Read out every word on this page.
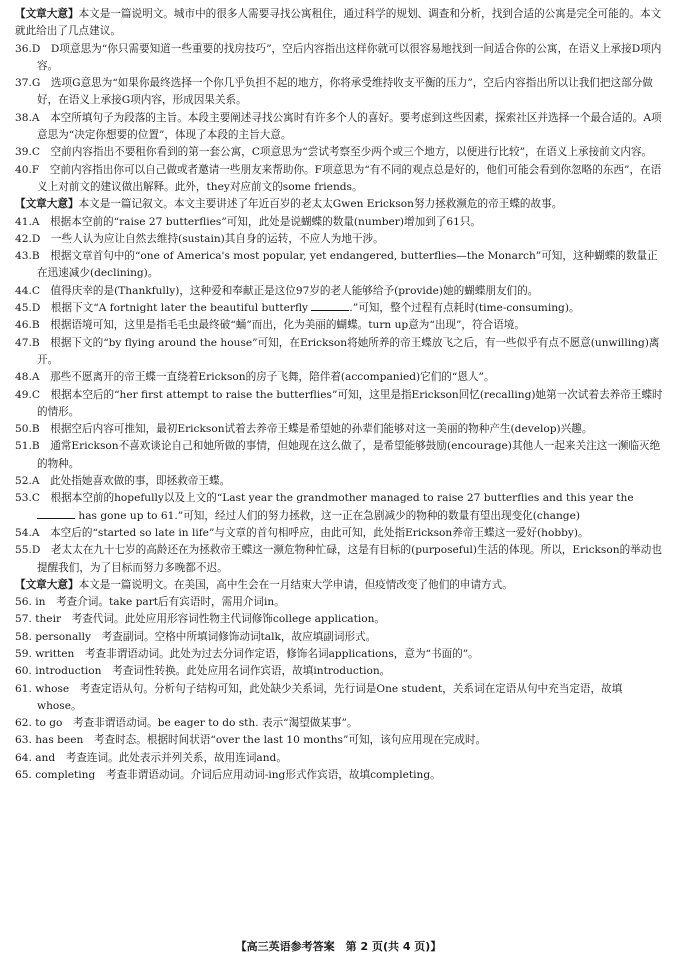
【文章大意】本文是一篇说明文。城市中的很多人需要寻找公寓租住，通过科学的规划、调查和分析，找到合适的公寓是完全可能的。本文就此给出了几点建议。

36.D　D项意思为“你只需要知道一些重要的找房技巧”，空后内容指出这样你就可以很容易地找到一间适合你的公寓，在语义上承接D项内容。

37.G　选项G意思为“如果你最终选择一个你几乎负担不起的地方，你将承受维持收支平衡的压力”，空后内容指出所以让我们把这部分做好，在语义上承接G项内容，形成因果关系。

38.A　本空所填句子为段落的主旨。本段主要阐述寻找公寓时有许多个人的喜好。要考虑到这些因素，探索社区并选择一个最合适的。A项意思为“决定你想要的位置”，体现了本段的主旨大意。

39.C　空前内容指出不要租你看到的第一套公寓，C项意思为“尝试考察至少两个或三个地方，以便进行比较”，在语义上承接前文内容。

40.F　空前内容指出你可以自己做或者邀请一些朋友来帮助你。F项意思为“有不同的观点总是好的，他们可能会看到你忽略的东西”，在语义上对前文的建议做出解释。此外，they对应前文的some friends。

【文章大意】本文是一篇记叙文。本文主要讲述了年近百岁的老太太Gwen Erickson努力拯救濒危的帝王蝶的故事。

41.A　根据本空前的“raise 27 butterflies”可知，此处是说蝴蝶的数量(number)增加到了61只。

42.D　一些人认为应让自然去维持(sustain)其自身的运转，不应人为地干涉。

43.B　根据文章首句中的“one of America's most popular, yet endangered, butterflies—the Monarch”可知，这种蝴蝶的数量正在迅速减少(declining)。

44.C　值得庆幸的是(Thankfully)，这种爱和奉献正是这位97岁的老人能够给予(provide)她的蝴蝶朋友们的。

45.D　根据下文“A fortnight later the beautiful butterfly	.”可知，整个过程有点耗时(time-consuming)。

46.B　根据语境可知，这里是指毛毛虫最终破“蛹”而出，化为美丽的蝴蝶。turn up意为“出现”，符合语境。

47.B　根据下文的“by flying around the house”可知，在Erickson将她所养的帝王蝶放飞之后，有一些似乎有点不愿意(unwilling)离开。

48.A　那些不愿离开的帝王蝶一直绕着Erickson的房子飞舞，陪伴着(accompanied)它们的“恩人”。

49.C　根据本空后的“her first attempt to raise the butterflies”可知，这里是指Erickson回忆(recalling)她第一次试着去养帝王蝶时的情形。

50.B　根据空后内容可推知，最初Erickson试着去养帝王蝶是希望她的孙辈们能够对这一美丽的物种产生(develop)兴趣。

51.B　通常Erickson不喜欢谈论自己和她所做的事情，但她现在这么做了，是希望能够鼓励(encourage)其他人一起来关注这一濒临灭绝的物种。

52.A　此处指她喜欢做的事，即拯救帝王蝶。

53.C　根据本空前的hopefully以及上文的“Last year the grandmother managed to raise 27 butterflies and this year the  has gone up to 61.”可知，经过人们的努力拯救，这一正在急剧减少的物种的数量有望出现变化(change)

54.A　本空后的“started so late in life”与文章的首句相呼应，由此可知，此处指Erickson养帝王蝶这一爱好(hobby)。

55.D　老太太在九十七岁的高龄还在为拯救帝王蝶这一濒危物种忙碌，这是有目标的(purposeful)生活的体现。所以，Erickson的举动也提醒我们，为了目标而努力多晚都不迟。

【文章大意】本文是一篇说明文。在美国，高中生会在一月结束大学申请，但疫情改变了他们的申请方式。

56. in　考查介词。take part后有宾语时，需用介词in。

57. their　考查代词。此处应用形容词性物主代词修饰college application。

58. personally　考查副词。空格中所填词修饰动词talk，故应填副词形式。

59. written　考查非谓语动词。此处为过去分词作定语，修饰名词applications，意为“书面的”。

60. introduction　考查词性转换。此处应用名词作宾语，故填introduction。

61. whose　考查定语从句。分析句子结构可知，此处缺少关系词，先行词是One student，关系词在定语从句中充当定语，故填whose。

62. to go　考查非谓语动词。be eager to do sth. 表示“渴望做某事”。

63. has been　考查时态。根据时间状语“over the last 10 months”可知，该句应用现在完成时。

64. and　考查连词。此处表示并列关系，故用连词and。

65. completing　考查非谓语动词。介词后应用动词-ing形式作宾语，故填completing。

【高三英语参考答案　第 2 页(共 4 页)】
